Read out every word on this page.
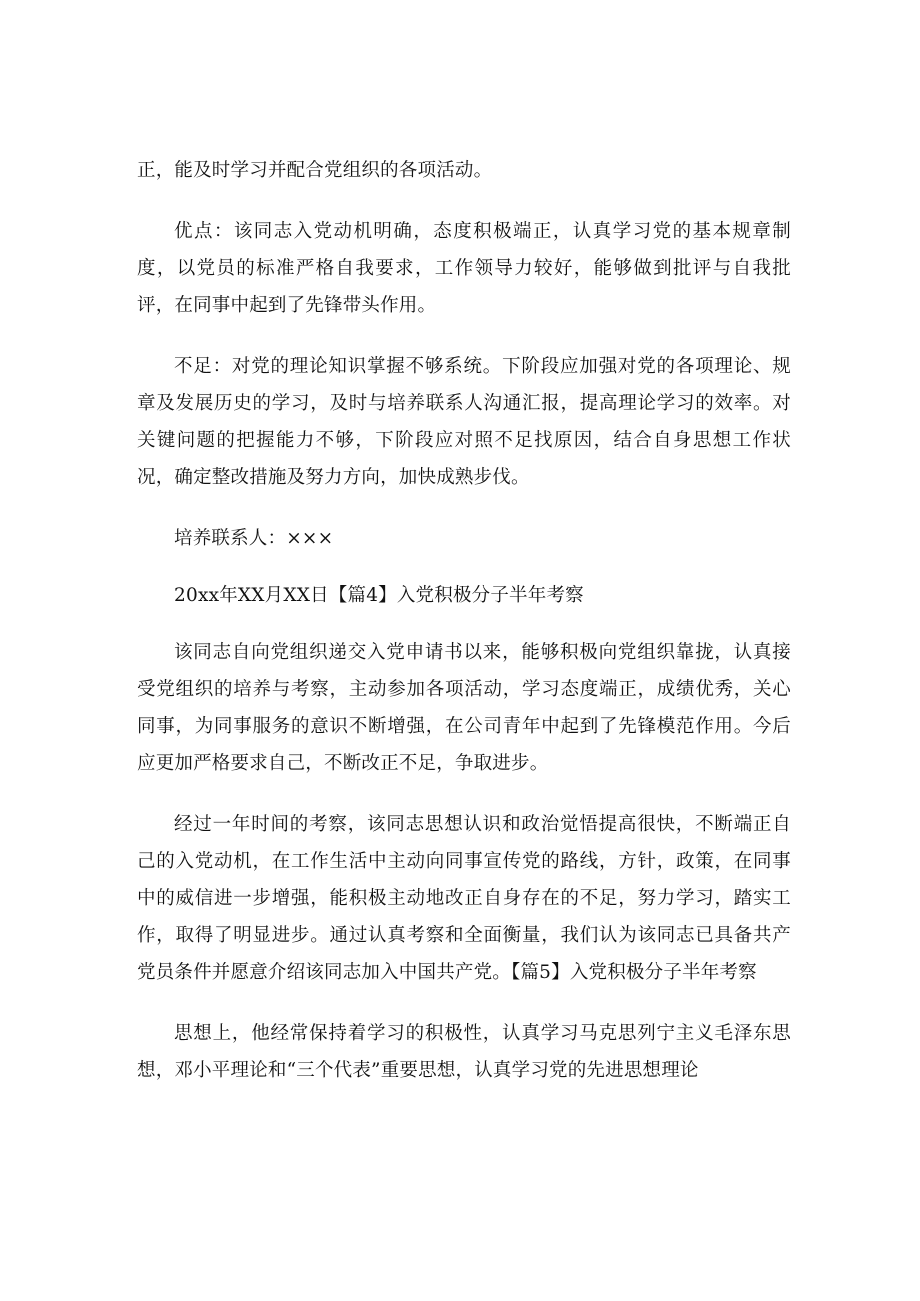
正，能及时学习并配合党组织的各项活动。

优点：该同志入党动机明确，态度积极端正，认真学习党的基本规章制度，以党员的标准严格自我要求，工作领导力较好，能够做到批评与自我批评，在同事中起到了先锋带头作用。

不足：对党的理论知识掌握不够系统。下阶段应加强对党的各项理论、规章及发展历史的学习，及时与培养联系人沟通汇报，提高理论学习的效率。对关键问题的把握能力不够，下阶段应对照不足找原因，结合自身思想工作状况，确定整改措施及努力方向，加快成熟步伐。

培养联系人：×××

20xx年XX月XX日【篇4】入党积极分子半年考察

该同志自向党组织递交入党申请书以来，能够积极向党组织靠拢，认真接受党组织的培养与考察，主动参加各项活动，学习态度端正，成绩优秀，关心同事，为同事服务的意识不断增强，在公司青年中起到了先锋模范作用。今后应更加严格要求自己，不断改正不足，争取进步。

经过一年时间的考察，该同志思想认识和政治觉悟提高很快，不断端正自己的入党动机，在工作生活中主动向同事宣传党的路线，方针，政策，在同事中的威信进一步增强，能积极主动地改正自身存在的不足，努力学习，踏实工作，取得了明显进步。通过认真考察和全面衡量，我们认为该同志已具备共产党员条件并愿意介绍该同志加入中国共产党。【篇5】入党积极分子半年考察

思想上，他经常保持着学习的积极性，认真学习马克思列宁主义毛泽东思想，邓小平理论和“三个代表”重要思想，认真学习党的先进思想理论
